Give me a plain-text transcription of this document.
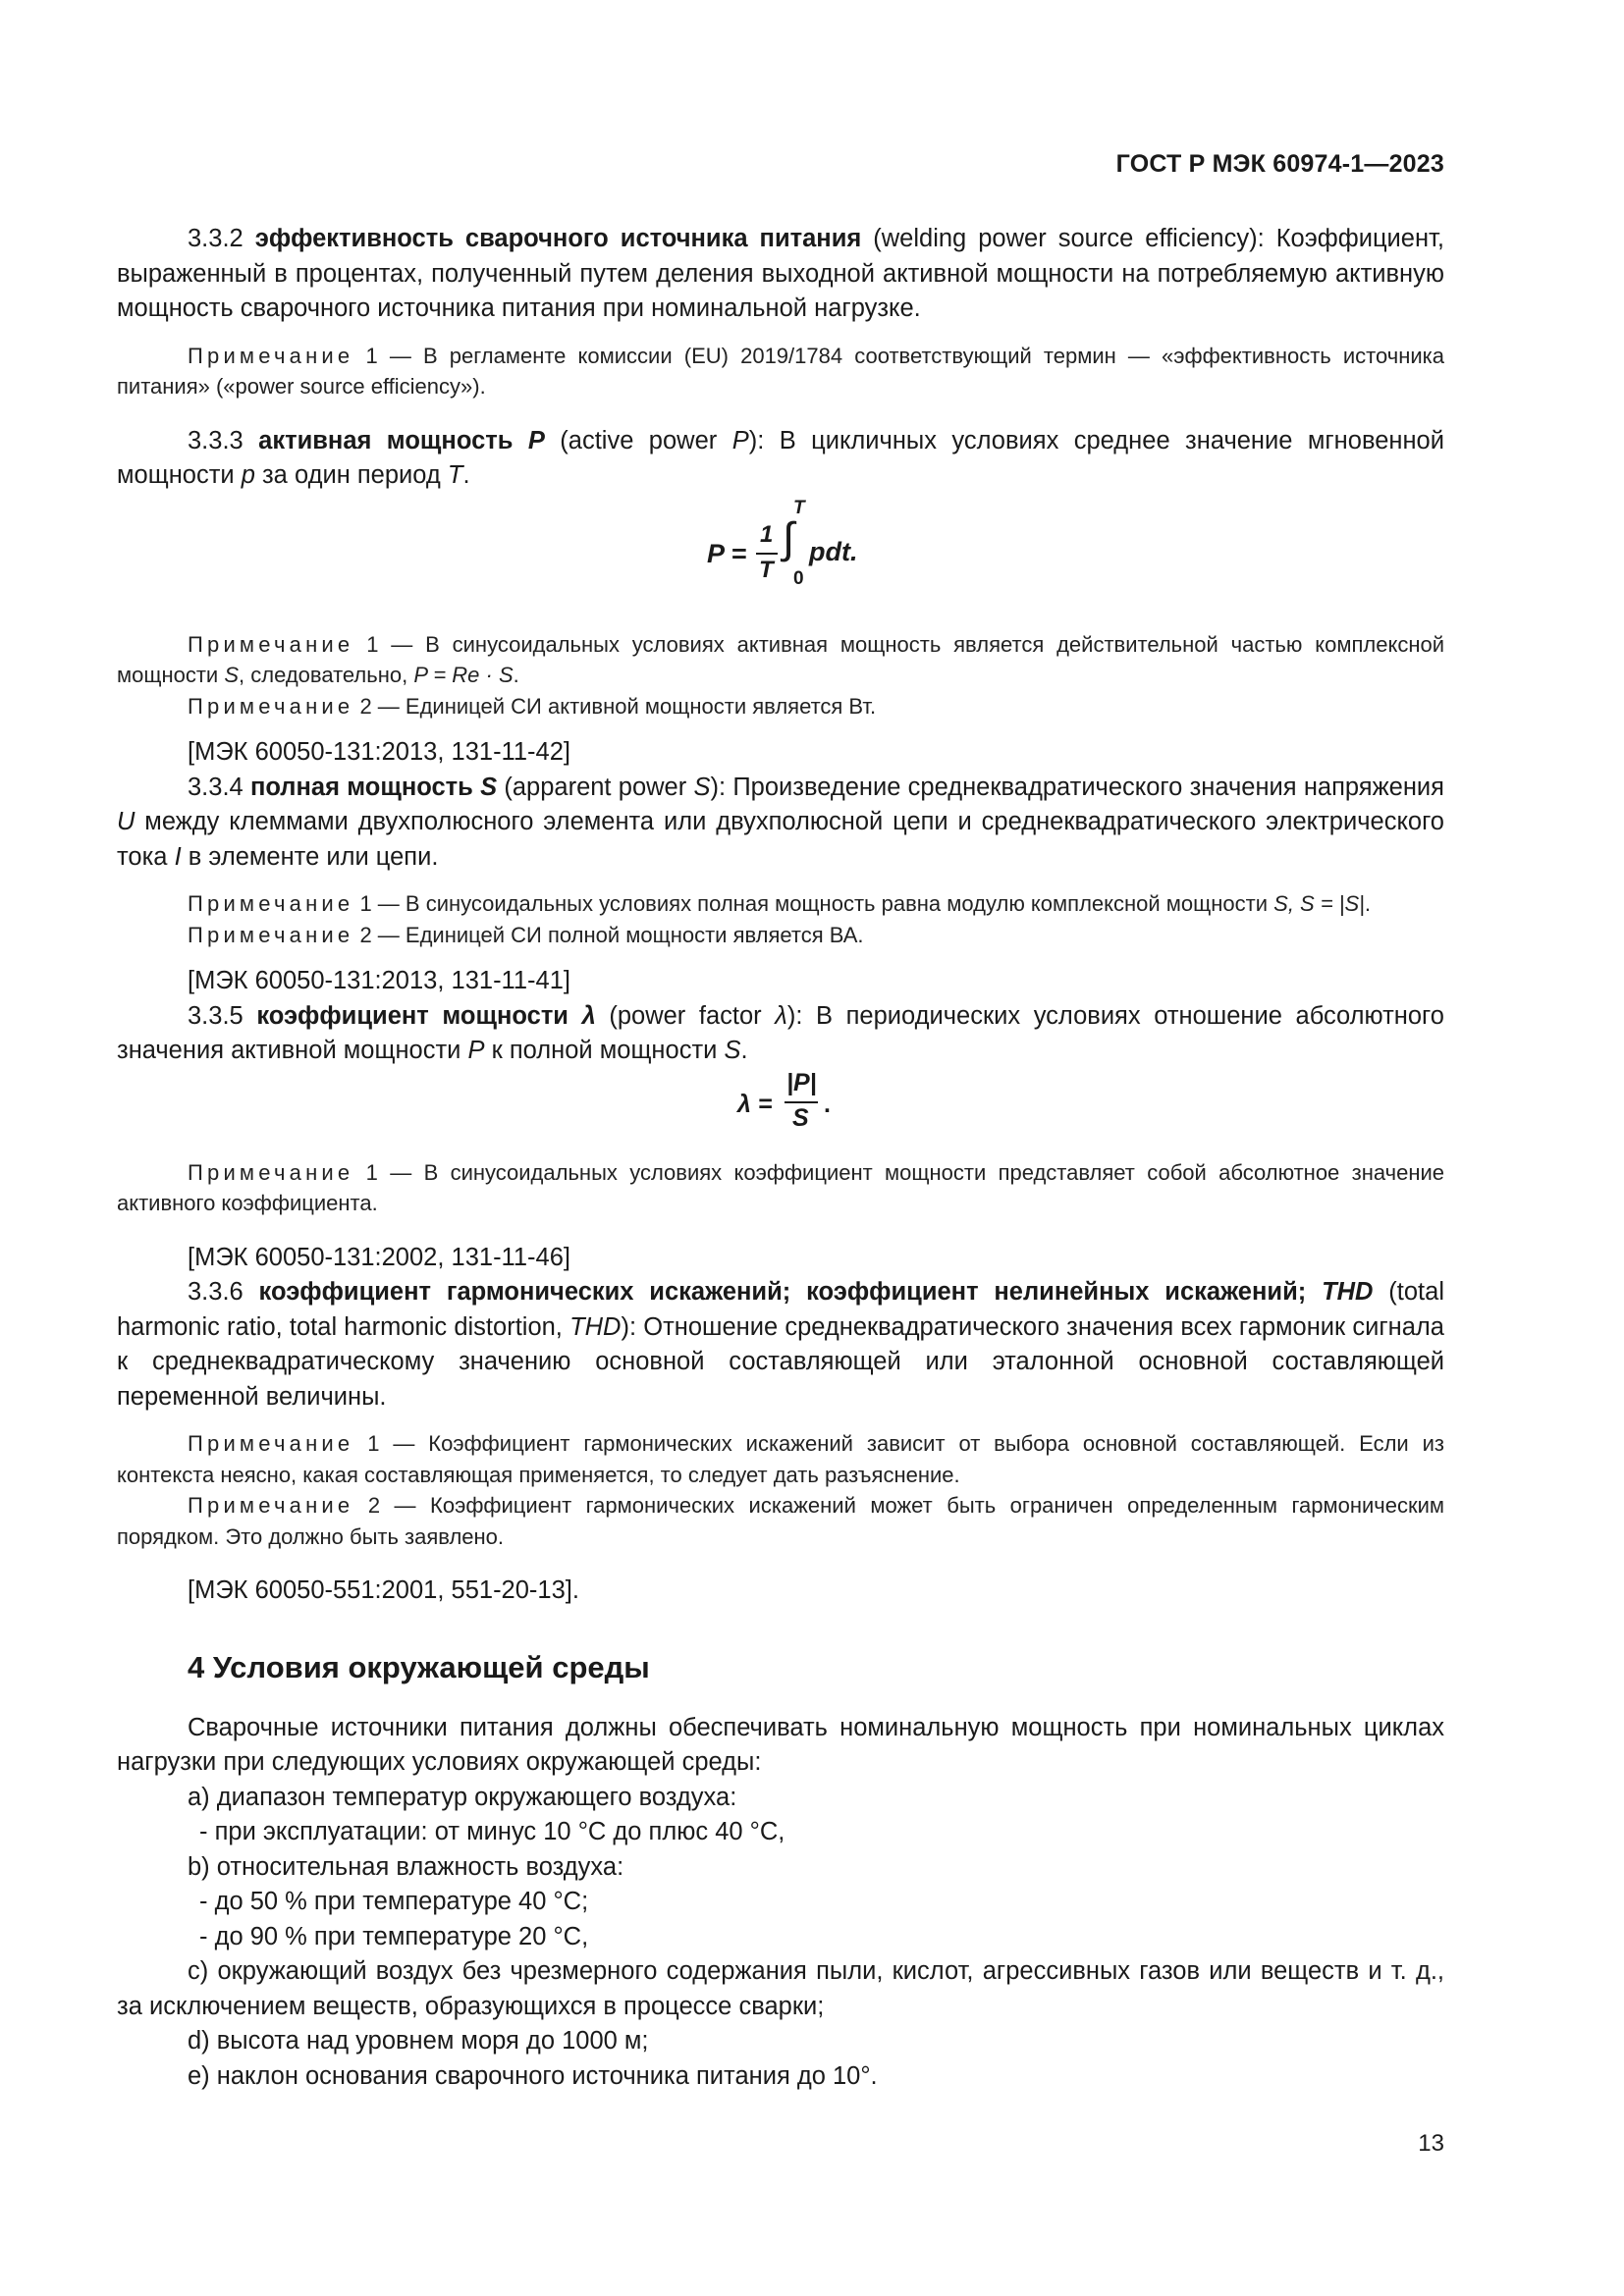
ГОСТ Р МЭК 60974-1—2023

3.3.2 эффективность сварочного источника питания (welding power source efficiency): Коэффициент, выраженный в процентах, полученный путем деления выходной активной мощности на потребляемую активную мощность сварочного источника питания при номинальной нагрузке.

Примечание 1 — В регламенте комиссии (EU) 2019/1784 соответствующий термин — «эффективность источника питания» («power source efficiency»).

3.3.3 активная мощность P (active power P): В цикличных условиях среднее значение мгновенной мощности p за один период T.

P =
1
T
T
∫
0
pdt.

Примечание 1 — В синусоидальных условиях активная мощность является действительной частью комплексной мощности S, следовательно, P = Re · S.

Примечание 2 — Единицей СИ активной мощности является Вт.

[МЭК 60050-131:2013, 131-11-42]

3.3.4 полная мощность S (apparent power S): Произведение среднеквадратического значения напряжения U между клеммами двухполюсного элемента или двухполюсной цепи и среднеквадратического электрического тока I в элементе или цепи.

Примечание 1 — В синусоидальных условиях полная мощность равна модулю комплексной мощности S, S = |S|.

Примечание 2 — Единицей СИ полной мощности является ВА.

[МЭК 60050-131:2013, 131-11-41]

3.3.5 коэффициент мощности λ (power factor λ): В периодических условиях отношение абсолютного значения активной мощности P к полной мощности S.

λ =
|P|
S .

Примечание 1 — В синусоидальных условиях коэффициент мощности представляет собой абсолютное значение активного коэффициента.

[МЭК 60050-131:2002, 131-11-46]

3.3.6 коэффициент гармонических искажений; коэффициент нелинейных искажений; THD (total harmonic ratio, total harmonic distortion, THD): Отношение среднеквадратического значения всех гармоник сигнала к среднеквадратическому значению основной составляющей или эталонной основной составляющей переменной величины.

Примечание 1 — Коэффициент гармонических искажений зависит от выбора основной составляющей. Если из контекста неясно, какая составляющая применяется, то следует дать разъяснение.

Примечание 2 — Коэффициент гармонических искажений может быть ограничен определенным гармоническим порядком. Это должно быть заявлено.

[МЭК 60050-551:2001, 551-20-13].

4 Условия окружающей среды

Сварочные источники питания должны обеспечивать номинальную мощность при номинальных циклах нагрузки при следующих условиях окружающей среды:

a) диапазон температур окружающего воздуха:

- при эксплуатации: от минус 10 °С до плюс 40 °С,

b) относительная влажность воздуха:

- до 50 % при температуре 40 °С;

- до 90 % при температуре 20 °С,

c) окружающий воздух без чрезмерного содержания пыли, кислот, агрессивных газов или веществ и т. д., за исключением веществ, образующихся в процессе сварки;

d) высота над уровнем моря до 1000 м;

e) наклон основания сварочного источника питания до 10°.

13
